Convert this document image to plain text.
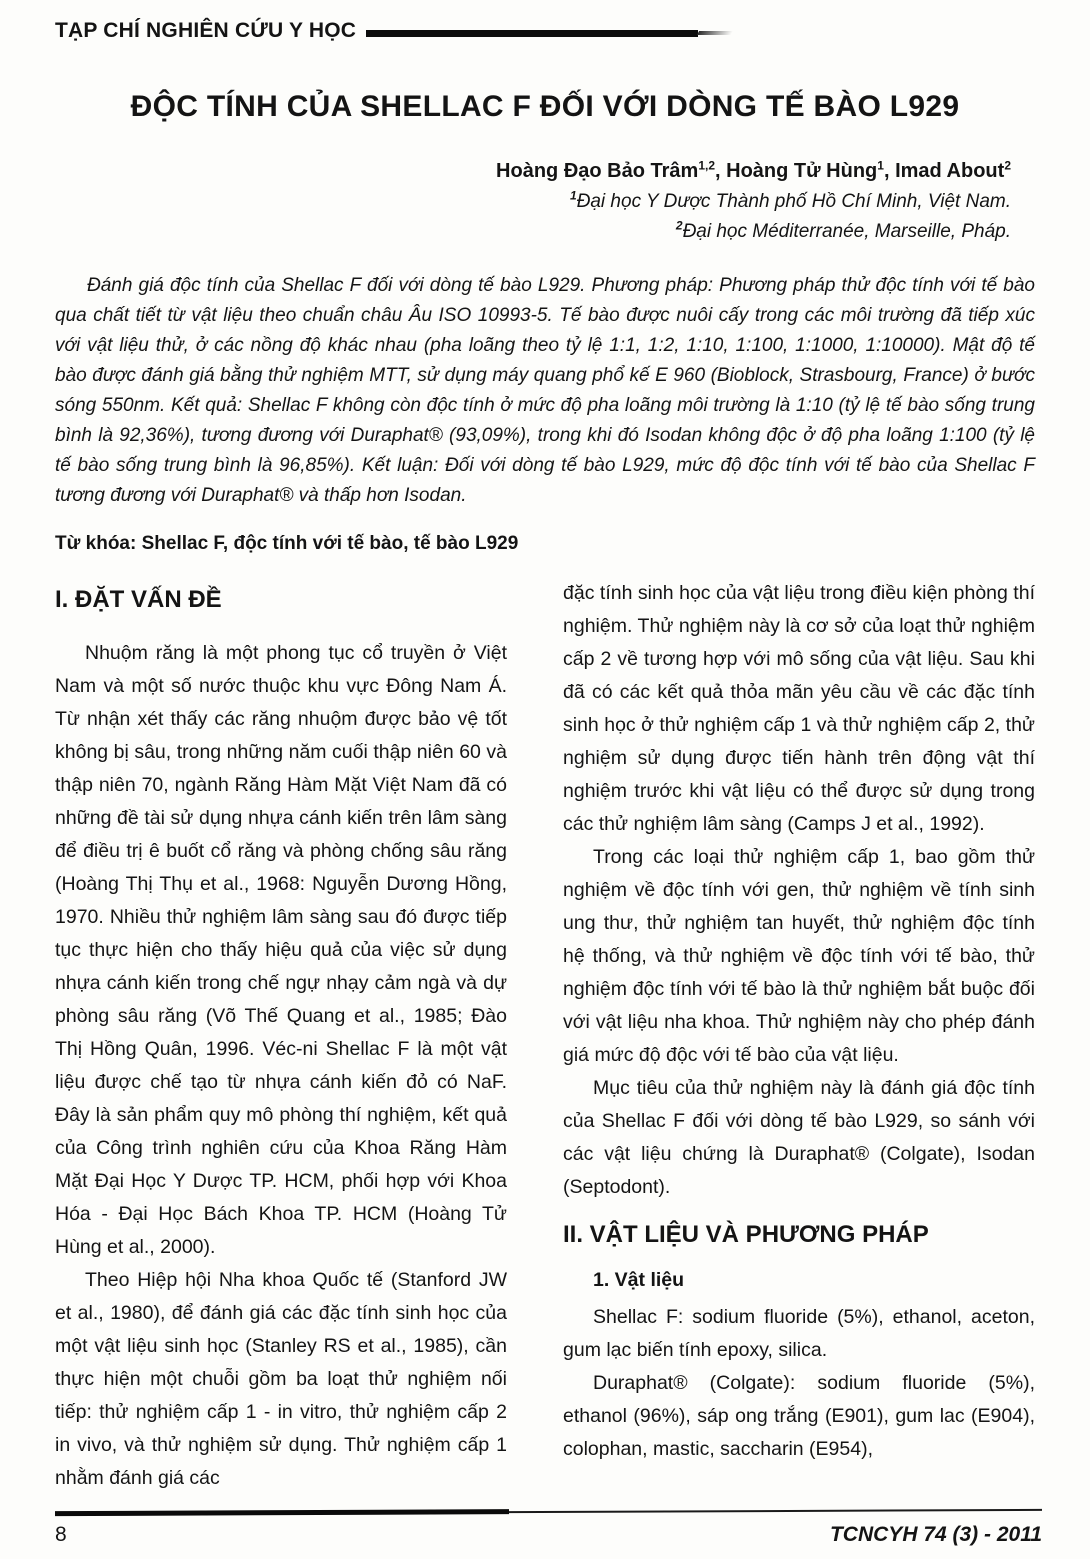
TẠP CHÍ NGHIÊN CỨU Y HỌC
ĐỘC TÍNH CỦA SHELLAC F ĐỐI VỚI DÒNG TẾ BÀO L929
Hoàng Đạo Bảo Trâm$^{1,2}$, Hoàng Tử Hùng$^1$, Imad About$^2$
$^1$Đại học Y Dược Thành phố Hồ Chí Minh, Việt Nam.
$^2$Đại học Méditerranée, Marseille, Pháp.
Đánh giá độc tính của Shellac F đối với dòng tế bào L929. Phương pháp: Phương pháp thử độc tính với tế bào qua chất tiết từ vật liệu theo chuẩn châu Âu ISO 10993-5. Tế bào được nuôi cấy trong các môi trường đã tiếp xúc với vật liệu thử, ở các nồng độ khác nhau (pha loãng theo tỷ lệ 1:1, 1:2, 1:10, 1:100, 1:1000, 1:10000). Mật độ tế bào được đánh giá bằng thử nghiệm MTT, sử dụng máy quang phổ kế E 960 (Bioblock, Strasbourg, France) ở bước sóng 550nm. Kết quả: Shellac F không còn độc tính ở mức độ pha loãng môi trường là 1:10 (tỷ lệ tế bào sống trung bình là 92,36%), tương đương với Duraphat® (93,09%), trong khi đó Isodan không độc ở độ pha loãng 1:100 (tỷ lệ tế bào sống trung bình là 96,85%). Kết luận: Đối với dòng tế bào L929, mức độ độc tính với tế bào của Shellac F tương đương với Duraphat® và thấp hơn Isodan.
Từ khóa: Shellac F, độc tính với tế bào, tế bào L929
I. ĐẶT VẤN ĐỀ
Nhuộm răng là một phong tục cổ truyền ở Việt Nam và một số nước thuộc khu vực Đông Nam Á. Từ nhận xét thấy các răng nhuộm được bảo vệ tốt không bị sâu, trong những năm cuối thập niên 60 và thập niên 70, ngành Răng Hàm Mặt Việt Nam đã có những đề tài sử dụng nhựa cánh kiến trên lâm sàng để điều trị ê buốt cổ răng và phòng chống sâu răng (Hoàng Thị Thụ et al., 1968: Nguyễn Dương Hồng, 1970. Nhiều thử nghiệm lâm sàng sau đó được tiếp tục thực hiện cho thấy hiệu quả của việc sử dụng nhựa cánh kiến trong chế ngự nhạy cảm ngà và dự phòng sâu răng (Võ Thế Quang et al., 1985; Đào Thị Hồng Quân, 1996. Véc-ni Shellac F là một vật liệu được chế tạo từ nhựa cánh kiến đỏ có NaF. Đây là sản phẩm quy mô phòng thí nghiệm, kết quả của Công trình nghiên cứu của Khoa Răng Hàm Mặt Đại Học Y Dược TP. HCM, phối hợp với Khoa Hóa - Đại Học Bách Khoa TP. HCM (Hoàng Tử Hùng et al., 2000).
Theo Hiệp hội Nha khoa Quốc tế (Stanford JW et al., 1980), để đánh giá các đặc tính sinh học của một vật liệu sinh học (Stanley RS et al., 1985), cần thực hiện một chuỗi gồm ba loạt thử nghiệm nối tiếp: thử nghiệm cấp 1 - in vitro, thử nghiệm cấp 2 in vivo, và thử nghiệm sử dụng. Thử nghiệm cấp 1 nhằm đánh giá các
đặc tính sinh học của vật liệu trong điều kiện phòng thí nghiệm. Thử nghiệm này là cơ sở của loạt thử nghiệm cấp 2 về tương hợp với mô sống của vật liệu. Sau khi đã có các kết quả thỏa mãn yêu cầu về các đặc tính sinh học ở thử nghiệm cấp 1 và thử nghiệm cấp 2, thử nghiệm sử dụng được tiến hành trên động vật thí nghiệm trước khi vật liệu có thể được sử dụng trong các thử nghiệm lâm sàng (Camps J et al., 1992).
Trong các loại thử nghiệm cấp 1, bao gồm thử nghiệm về độc tính với gen, thử nghiệm về tính sinh ung thư, thử nghiệm tan huyết, thử nghiệm độc tính hệ thống, và thử nghiệm về độc tính với tế bào, thử nghiệm độc tính với tế bào là thử nghiệm bắt buộc đối với vật liệu nha khoa. Thử nghiệm này cho phép đánh giá mức độ độc với tế bào của vật liệu.
Mục tiêu của thử nghiệm này là đánh giá độc tính của Shellac F đối với dòng tế bào L929, so sánh với các vật liệu chứng là Duraphat® (Colgate), Isodan (Septodont).
II. VẬT LIỆU VÀ PHƯƠNG PHÁP
1. Vật liệu
Shellac F: sodium fluoride (5%), ethanol, aceton, gum lạc biến tính epoxy, silica.
Duraphat® (Colgate): sodium fluoride (5%), ethanol (96%), sáp ong trắng (E901), gum lac (E904), colophan, mastic, saccharin (E954),
8	TCNCYH 74 (3) - 2011
